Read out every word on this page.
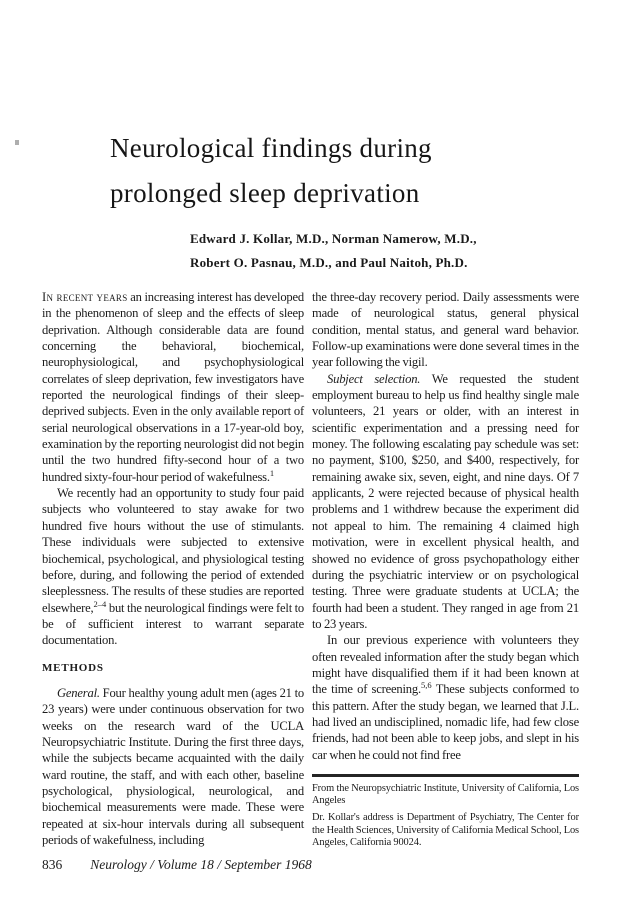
Neurological findings during
prolonged sleep deprivation
Edward J. Kollar, M.D., Norman Namerow, M.D.,
Robert O. Pasnau, M.D., and Paul Naitoh, Ph.D.

In recent years an increasing interest has developed in the phenomenon of sleep and the effects of sleep deprivation. Although considerable data are found concerning the behavioral, biochemical, neurophysiological, and psychophysiological correlates of sleep deprivation, few investigators have reported the neurological findings of their sleep-deprived subjects. Even in the only available report of serial neurological observations in a 17-year-old boy, examination by the reporting neurologist did not begin until the two hundred fifty-second hour of a two hundred sixty-four-hour period of wakefulness.$^1$

We recently had an opportunity to study four paid subjects who volunteered to stay awake for two hundred five hours without the use of stimulants. These individuals were subjected to extensive biochemical, psychological, and physiological testing before, during, and following the period of extended sleeplessness. The results of these studies are reported elsewhere,$^{2-4}$ but the neurological findings were felt to be of sufficient interest to warrant separate documentation.

METHODS

General. Four healthy young adult men (ages 21 to 23 years) were under continuous observation for two weeks on the research ward of the UCLA Neuropsychiatric Institute. During the first three days, while the subjects became acquainted with the daily ward routine, the staff, and with each other, baseline psychological, physiological, neurological, and biochemical measurements were made. These were repeated at six-hour intervals during all subsequent periods of wakefulness, including

836 Neurology / Volume 18 / September 1968

the three-day recovery period. Daily assessments were made of neurological status, general physical condition, mental status, and general ward behavior. Follow-up examinations were done several times in the year following the vigil.

Subject selection. We requested the student employment bureau to help us find healthy single male volunteers, 21 years or older, with an interest in scientific experimentation and a pressing need for money. The following escalating pay schedule was set: no payment, $100, $250, and $400, respectively, for remaining awake six, seven, eight, and nine days. Of 7 applicants, 2 were rejected because of physical health problems and 1 withdrew because the experiment did not appeal to him. The remaining 4 claimed high motivation, were in excellent physical health, and showed no evidence of gross psychopathology either during the psychiatric interview or on psychological testing. Three were graduate students at UCLA; the fourth had been a student. They ranged in age from 21 to 23 years.

In our previous experience with volunteers they often revealed information after the study began which might have disqualified them if it had been known at the time of screening.$^{5,6}$ These subjects conformed to this pattern. After the study began, we learned that J.L. had lived an undisciplined, nomadic life, had few close friends, had not been able to keep jobs, and slept in his car when he could not find free

From the Neuropsychiatric Institute, University of California, Los Angeles

Dr. Kollar's address is Department of Psychiatry, The Center for the Health Sciences, University of California Medical School, Los Angeles, California 90024.
